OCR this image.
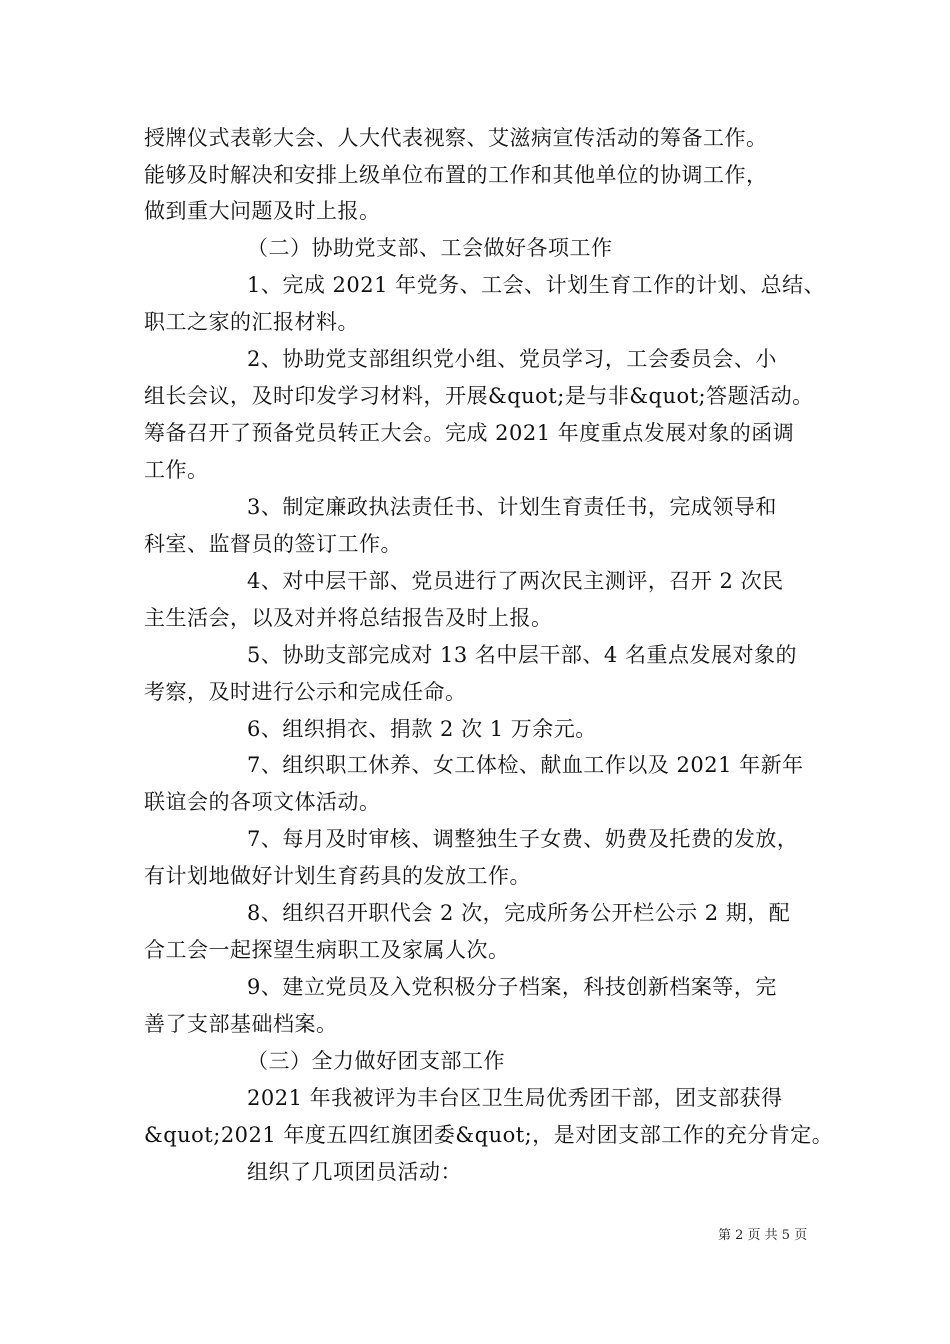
授牌仪式表彰大会、人大代表视察、艾滋病宣传活动的筹备工作。
能够及时解决和安排上级单位布置的工作和其他单位的协调工作，
做到重大问题及时上报。
（二）协助党支部、工会做好各项工作
1、完成 2021 年党务、工会、计划生育工作的计划、总结、
职工之家的汇报材料。
2、协助党支部组织党小组、党员学习，工会委员会、小
组长会议，及时印发学习材料，开展&quot;是与非&quot;答题活动。
筹备召开了预备党员转正大会。完成 2021 年度重点发展对象的函调
工作。
3、制定廉政执法责任书、计划生育责任书，完成领导和
科室、监督员的签订工作。
4、对中层干部、党员进行了两次民主测评，召开 2 次民
主生活会，以及对并将总结报告及时上报。
5、协助支部完成对 13 名中层干部、4 名重点发展对象的
考察，及时进行公示和完成任命。
6、组织捐衣、捐款 2 次 1 万余元。
7、组织职工休养、女工体检、献血工作以及 2021 年新年
联谊会的各项文体活动。
7、每月及时审核、调整独生子女费、奶费及托费的发放，
有计划地做好计划生育药具的发放工作。
8、组织召开职代会 2 次，完成所务公开栏公示 2 期，配
合工会一起探望生病职工及家属人次。
9、建立党员及入党积极分子档案，科技创新档案等，完
善了支部基础档案。
（三）全力做好团支部工作
2021 年我被评为丰台区卫生局优秀团干部，团支部获得
&quot;2021 年度五四红旗团委&quot;，是对团支部工作的充分肯定。
组织了几项团员活动：
第 2 页 共 5 页
